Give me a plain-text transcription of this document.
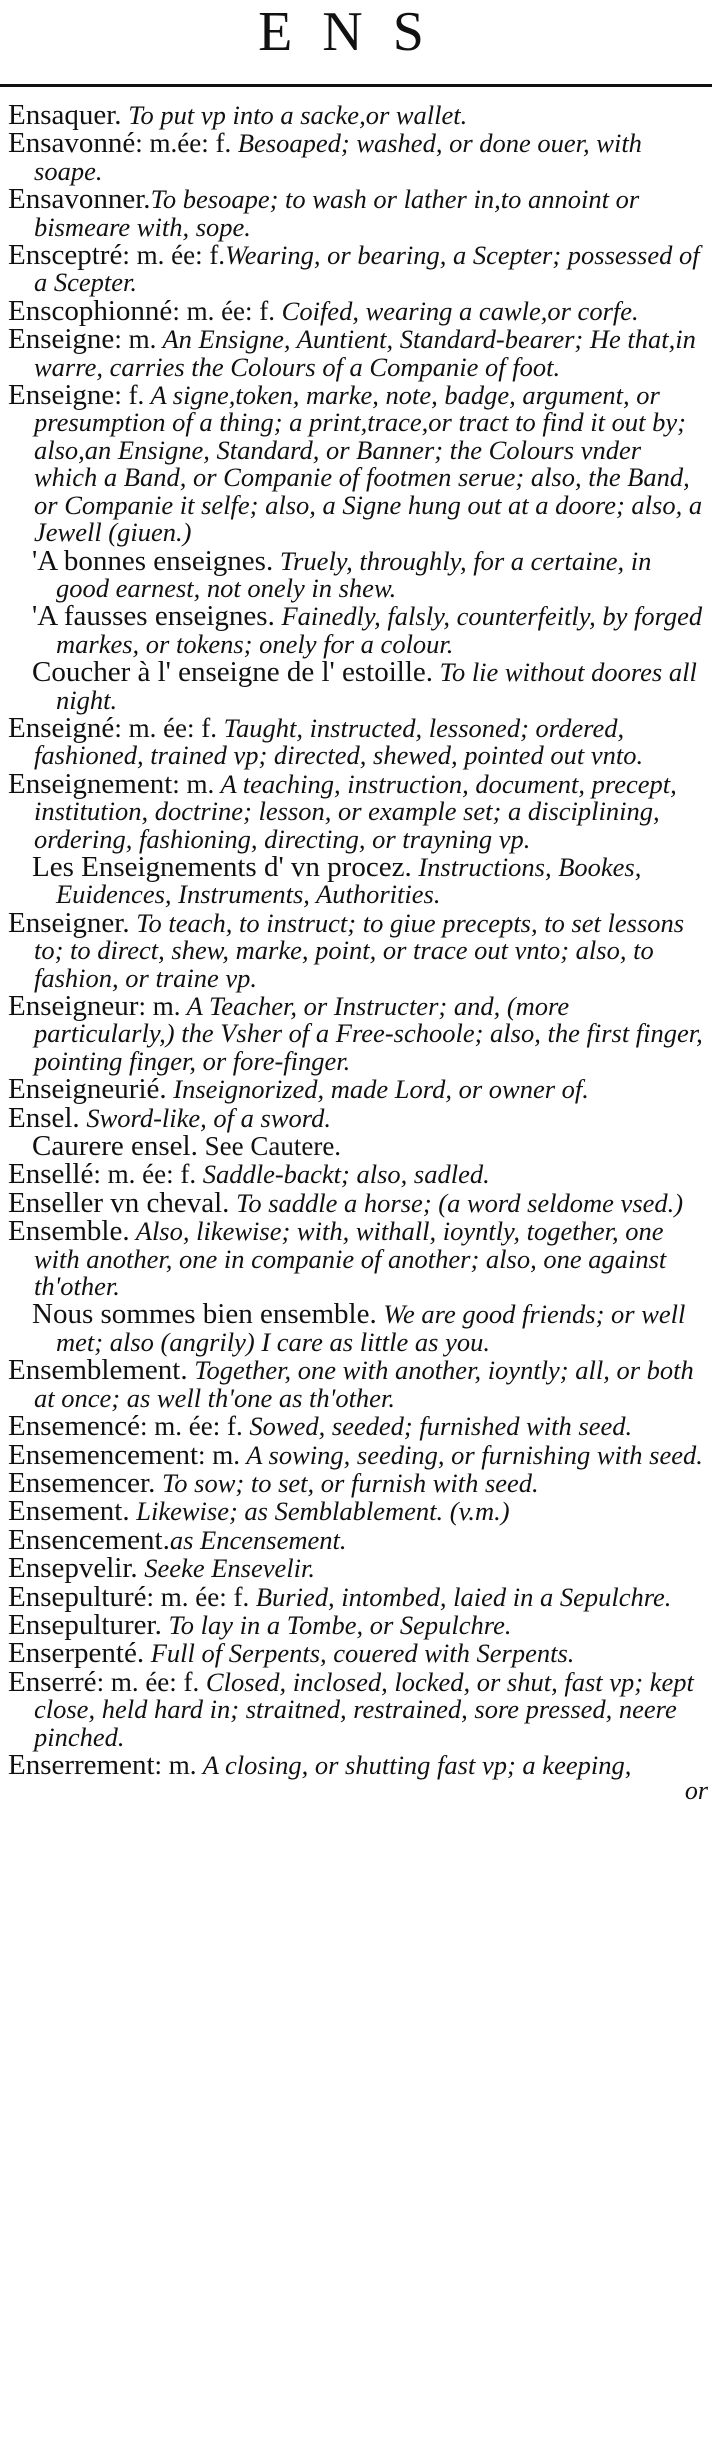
ENS
Ensaquer. To put vp into a sacke,or wallet.
Ensavonné: m.ée: f. Besoaped; washed, or done ouer, with soape.
Ensavonner.To besoape; to wash or lather in,to annoint or bismeare with, sope.
Ensceptré: m. ée: f.Wearing, or bearing, a Scepter; possessed of a Scepter.
Enscophionné: m. ée: f. Coifed, wearing a cawle,or corfe.
Enseigne: m. An Ensigne, Auntient, Standard-bearer; He that,in warre, carries the Colours of a Companie of foot.
Enseigne: f. A signe,token, marke, note, badge, argument, or presumption of a thing; a print,trace,or tract to find it out by; also,an Ensigne, Standard, or Banner; the Colours vnder which a Band, or Companie of footmen serue; also, the Band, or Companie it selfe; also, a Signe hung out at a doore; also, a Jewell (giuen.)
'A bonnes enseignes. Truely, throughly, for a certaine, in good earnest, not onely in shew.
'A fausses enseignes. Fainedly, falsly, counterfeitly, by forged markes, or tokens; onely for a colour.
Coucher à l' enseigne de l' estoille. To lie without doores all night.
Enseigné: m. ée: f. Taught, instructed, lessoned; ordered, fashioned, trained vp; directed, shewed, pointed out vnto.
Enseignement: m. A teaching, instruction, document, precept, institution, doctrine; lesson, or example set; a disciplining, ordering, fashioning, directing, or trayning vp.
Les Enseignements d' vn procez. Instructions, Bookes, Euidences, Instruments, Authorities.
Enseigner. To teach, to instruct; to giue precepts, to set lessons to; to direct, shew, marke, point, or trace out vnto; also, to fashion, or traine vp.
Enseigneur: m. A Teacher, or Instructer; and, (more particularly,) the Vsher of a Free-schoole; also, the first finger, pointing finger, or fore-finger.
Enseigneurié. Inseignorized, made Lord, or owner of.
Ensel. Sword-like, of a sword.
Caurere ensel. See Cautere.
Ensellé: m. ée: f. Saddle-backt; also, sadled.
Enseller vn cheval. To saddle a horse; (a word seldome vsed.)
Ensemble. Also, likewise; with, withall, ioyntly, together, one with another, one in companie of another; also, one against th'other.
Nous sommes bien ensemble. We are good friends; or well met; also (angrily) I care as little as you.
Ensemblement. Together, one with another, ioyntly; all, or both at once; as well th'one as th'other.
Ensemencé: m. ée: f. Sowed, seeded; furnished with seed.
Ensemencement: m. A sowing, seeding, or furnishing with seed.
Ensemencer. To sow; to set, or furnish with seed.
Ensement. Likewise; as Semblablement. (v.m.)
Ensencement.as Encensement.
Ensepvelir. Seeke Ensevelir.
Ensepulturé: m. ée: f. Buried, intombed, laied in a Sepulchre.
Ensepulturer. To lay in a Tombe, or Sepulchre.
Enserpenté. Full of Serpents, couered with Serpents.
Enserré: m. ée: f. Closed, inclosed, locked, or shut, fast vp; kept close, held hard in; straitned, restrained, sore pressed, neere pinched.
Enserrement: m. A closing, or shutting fast vp; a keeping,
or
